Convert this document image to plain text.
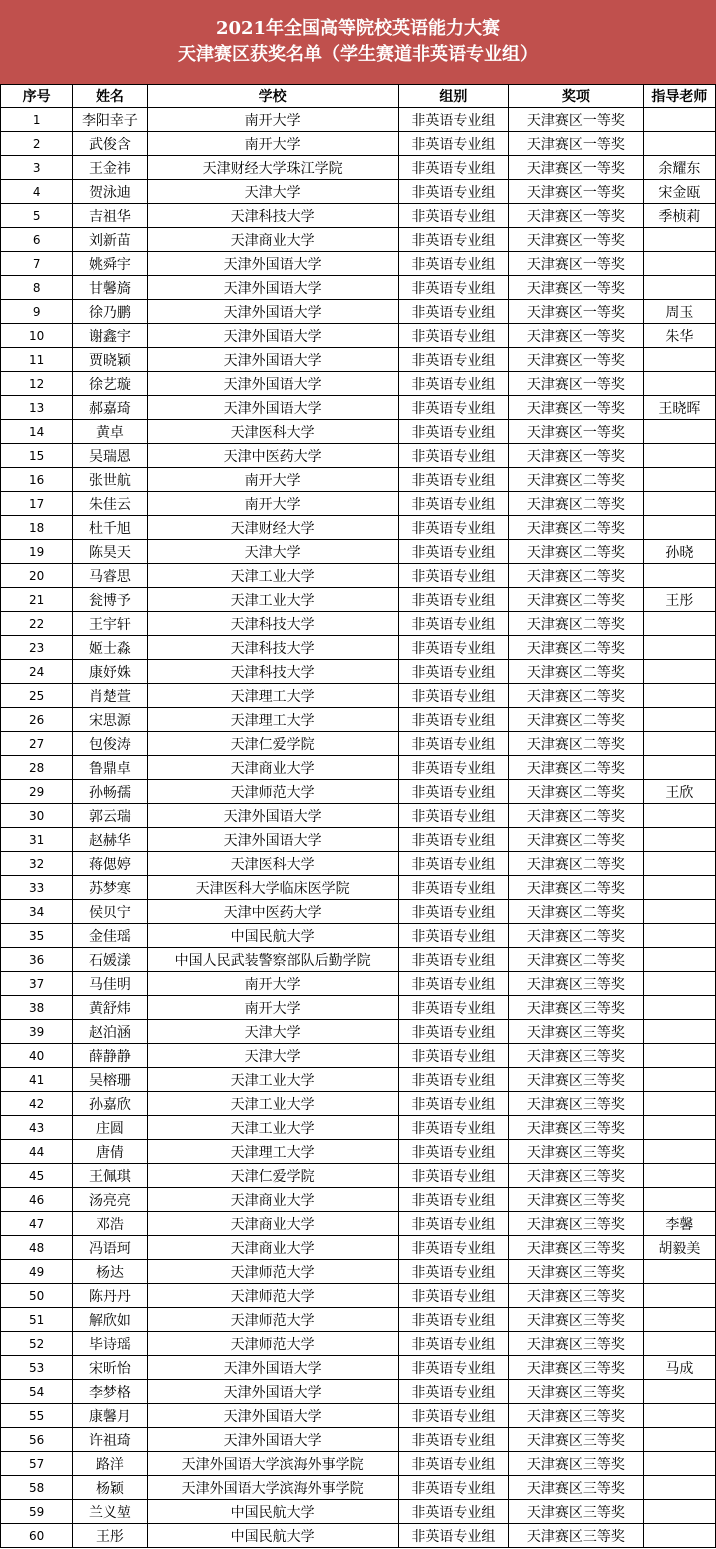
2021年全国高等院校英语能力大赛
天津赛区获奖名单（学生赛道非英语专业组）
序号	姓名	学校	组别	奖项	指导老师
1	李阳幸子	南开大学	非英语专业组	天津赛区一等奖	
2	武俊含	南开大学	非英语专业组	天津赛区一等奖	
3	王金祎	天津财经大学珠江学院	非英语专业组	天津赛区一等奖	余耀东
4	贺泳迪	天津大学	非英语专业组	天津赛区一等奖	宋金瓯
5	吉祖华	天津科技大学	非英语专业组	天津赛区一等奖	季桢莉
6	刘新苗	天津商业大学	非英语专业组	天津赛区一等奖	
7	姚舜宇	天津外国语大学	非英语专业组	天津赛区一等奖	
8	甘馨旖	天津外国语大学	非英语专业组	天津赛区一等奖	
9	徐乃鹏	天津外国语大学	非英语专业组	天津赛区一等奖	周玉
10	谢鑫宇	天津外国语大学	非英语专业组	天津赛区一等奖	朱华
11	贾晓颖	天津外国语大学	非英语专业组	天津赛区一等奖	
12	徐艺璇	天津外国语大学	非英语专业组	天津赛区一等奖	
13	郝嘉琦	天津外国语大学	非英语专业组	天津赛区一等奖	王晓晖
14	黄卓	天津医科大学	非英语专业组	天津赛区一等奖	
15	吴瑞恩	天津中医药大学	非英语专业组	天津赛区一等奖	
16	张世航	南开大学	非英语专业组	天津赛区二等奖	
17	朱佳云	南开大学	非英语专业组	天津赛区二等奖	
18	杜千旭	天津财经大学	非英语专业组	天津赛区二等奖	
19	陈昊天	天津大学	非英语专业组	天津赛区二等奖	孙晓
20	马睿思	天津工业大学	非英语专业组	天津赛区二等奖	
21	瓮博予	天津工业大学	非英语专业组	天津赛区二等奖	王彤
22	王宇轩	天津科技大学	非英语专业组	天津赛区二等奖	
23	姬士淼	天津科技大学	非英语专业组	天津赛区二等奖	
24	康妤姝	天津科技大学	非英语专业组	天津赛区二等奖	
25	肖楚萱	天津理工大学	非英语专业组	天津赛区二等奖	
26	宋思源	天津理工大学	非英语专业组	天津赛区二等奖	
27	包俊涛	天津仁爱学院	非英语专业组	天津赛区二等奖	
28	鲁鼎卓	天津商业大学	非英语专业组	天津赛区二等奖	
29	孙畅孺	天津师范大学	非英语专业组	天津赛区二等奖	王欣
30	郭云瑞	天津外国语大学	非英语专业组	天津赛区二等奖	
31	赵赫华	天津外国语大学	非英语专业组	天津赛区二等奖	
32	蒋偲婷	天津医科大学	非英语专业组	天津赛区二等奖	
33	苏梦寒	天津医科大学临床医学院	非英语专业组	天津赛区二等奖	
34	侯贝宁	天津中医药大学	非英语专业组	天津赛区二等奖	
35	金佳瑶	中国民航大学	非英语专业组	天津赛区二等奖	
36	石媛漾	中国人民武装警察部队后勤学院	非英语专业组	天津赛区二等奖	
37	马佳明	南开大学	非英语专业组	天津赛区三等奖	
38	黄舒炜	南开大学	非英语专业组	天津赛区三等奖	
39	赵泊涵	天津大学	非英语专业组	天津赛区三等奖	
40	薛静静	天津大学	非英语专业组	天津赛区三等奖	
41	吴榕珊	天津工业大学	非英语专业组	天津赛区三等奖	
42	孙嘉欣	天津工业大学	非英语专业组	天津赛区三等奖	
43	庄圆	天津工业大学	非英语专业组	天津赛区三等奖	
44	唐倩	天津理工大学	非英语专业组	天津赛区三等奖	
45	王佩琪	天津仁爱学院	非英语专业组	天津赛区三等奖	
46	汤亮亮	天津商业大学	非英语专业组	天津赛区三等奖	
47	邓浩	天津商业大学	非英语专业组	天津赛区三等奖	李馨
48	冯语珂	天津商业大学	非英语专业组	天津赛区三等奖	胡毅美
49	杨达	天津师范大学	非英语专业组	天津赛区三等奖	
50	陈丹丹	天津师范大学	非英语专业组	天津赛区三等奖	
51	解欣如	天津师范大学	非英语专业组	天津赛区三等奖	
52	毕诗瑶	天津师范大学	非英语专业组	天津赛区三等奖	
53	宋昕怡	天津外国语大学	非英语专业组	天津赛区三等奖	马成
54	李梦格	天津外国语大学	非英语专业组	天津赛区三等奖	
55	康馨月	天津外国语大学	非英语专业组	天津赛区三等奖	
56	许祖琦	天津外国语大学	非英语专业组	天津赛区三等奖	
57	路洋	天津外国语大学滨海外事学院	非英语专业组	天津赛区三等奖	
58	杨颖	天津外国语大学滨海外事学院	非英语专业组	天津赛区三等奖	
59	兰义堃	中国民航大学	非英语专业组	天津赛区三等奖	
60	王彤	中国民航大学	非英语专业组	天津赛区三等奖	
